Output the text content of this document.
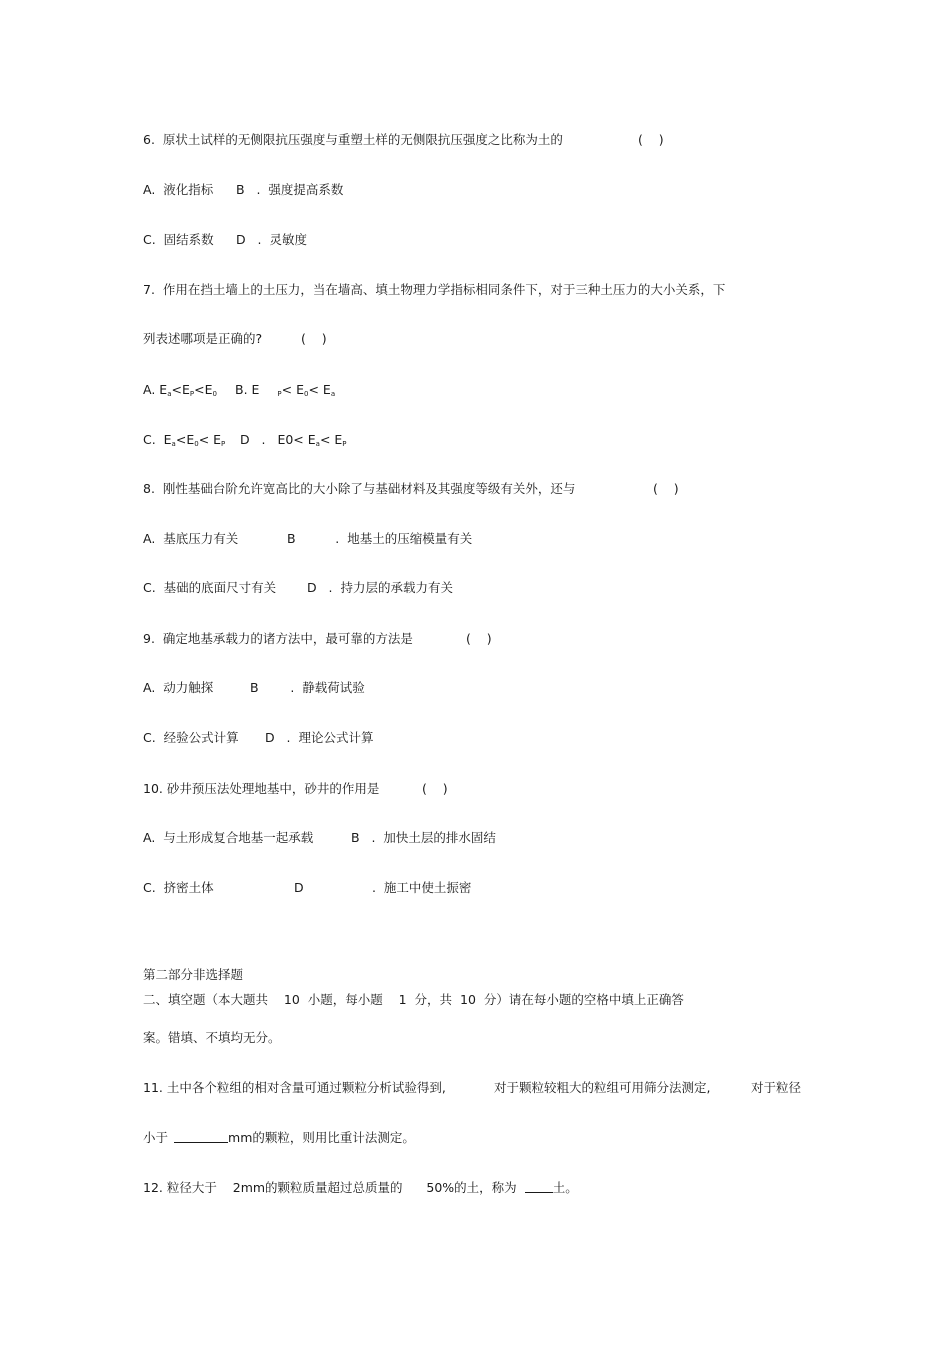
6.  原状土试样的无侧限抗压强度与重塑土样的无侧限抗压强度之比称为土的	(    )
A.  液化指标 B   .  强度提高系数
C.  固结系数 D   .  灵敏度
7.  作用在挡土墙上的土压力，当在墙高、填土物理力学指标相同条件下，对于三种土压力的大小关系，下
列表述哪项是正确的?	(    )
A. Ea<EP<E0 B. E	P< E0< Ea
C.  Ea<E0< EP D   .   E0< Ea< EP
8.  刚性基础台阶允许宽高比的大小除了与基础材料及其强度等级有关外，还与	(    )
A.  基底压力有关	B          .  地基土的压缩模量有关
C.  基础的底面尺寸有关 D   .  持力层的承载力有关
9.  确定地基承载力的诸方法中，最可靠的方法是	(    )
A.  动力触探	B        .  静载荷试验
C.  经验公式计算 D   .  理论公式计算
10. 砂井预压法处理地基中，砂井的作用是	(    )
A.  与土形成复合地基一起承载	B   .  加快土层的排水固结
C.  挤密土体	D	.  施工中使土振密
第二部分非选择题
二、填空题（本大题共    10  小题，每小题    1  分，共  10  分）请在每小题的空格中填上正确答
案。错填、不填均无分。
11. 土中各个粒组的相对含量可通过颗粒分析试验得到,	对于颗粒较粗大的粒组可用筛分法测定,	对于粒径
小于	mm的颗粒，则用比重计法测定。
12. 粒径大于    2mm的颗粒质量超过总质量的      50%的土，称为	土。
